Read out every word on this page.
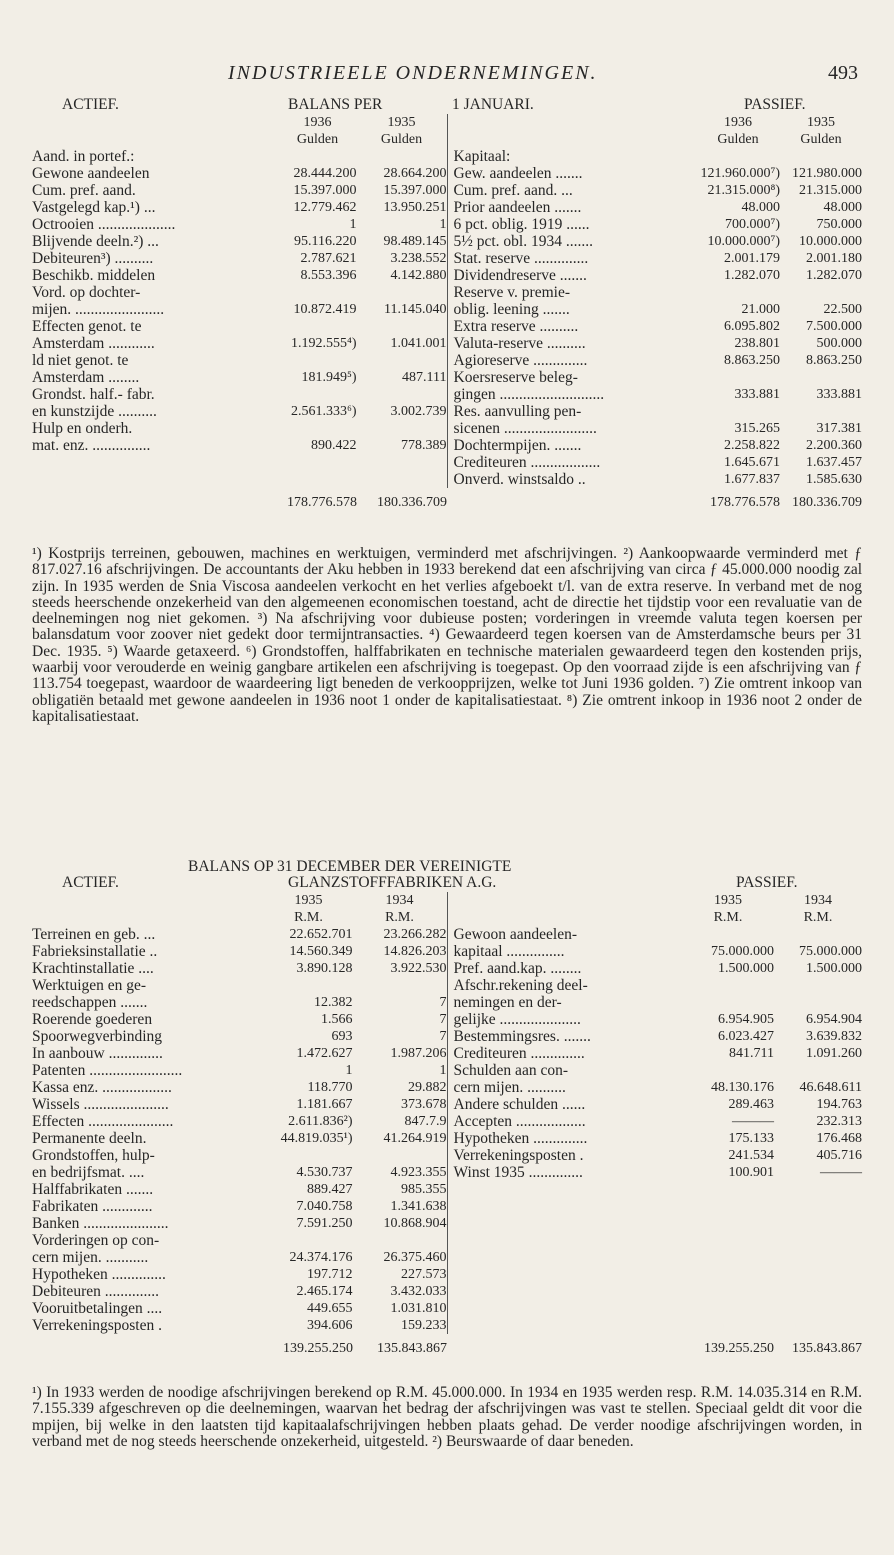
INDUSTRIEELE ONDERNEMINGEN.	493
ACTIEF.	BALANS PER	1 JANUARI.	PASSIEF.
1936	1935
Gulden	Gulden
Aand. in portef.:
Gewone aandeelen	28.444.200	28.664.200
Cum. pref. aand.	15.397.000	15.397.000
Vastgelegd kap.¹) ...	12.779.462	13.950.251
Octrooien ....................	1	1
Blijvende deeln.²) ...	95.116.220	98.489.145
Debiteuren³) ..........	2.787.621	3.238.552
Beschikb. middelen	8.553.396	4.142.880
Vord. op dochter-
mijen. .......................	10.872.419	11.145.040
Effecten genot. te
Amsterdam ............	1.192.555⁴)	1.041.001
ld niet genot. te
Amsterdam ........	181.949⁵)	487.111
Grondst. half.- fabr.
en kunstzijde ..........	2.561.333⁶)	3.002.739
Hulp en onderh.
mat. enz. ...............	890.422	778.389
1936	1935
Gulden	Gulden
Kapitaal:
Gew. aandeelen .......	121.960.000⁷) 121.980.000
Cum. pref. aand. ...	21.315.000⁸)	21.315.000
Prior aandeelen .......	48.000	48.000
6 pct. oblig. 1919 ......	700.000⁷)	750.000
5½ pct. obl. 1934 .......	10.000.000⁷)	10.000.000
Stat. reserve ..............	2.001.179	2.001.180
Dividendreserve .......	1.282.070	1.282.070
Reserve v. premie-
oblig. leening .......	21.000	22.500
Extra reserve ..........	6.095.802	7.500.000
Valuta-reserve ..........	238.801	500.000
Agioreserve ..............	8.863.250	8.863.250
Koersreserve beleg-
gingen ...........................	333.881	333.881
Res. aanvulling pen-
sicenen ........................	315.265	317.381
Dochtermpijen. .......	2.258.822	2.200.360
Crediteuren ..................	1.645.671	1.637.457
Onverd. winstsaldo ..	1.677.837	1.585.630
178.776.578	180.336.709	178.776.578 180.336.709

¹) Kostprijs terreinen, gebouwen, machines en werktuigen, verminderd met afschrijvingen. ²) Aankoopwaarde verminderd met ƒ 817.027.16 afschrijvingen. De accountants der Aku hebben in 1933 berekend dat een afschrijving van circa ƒ 45.000.000 noodig zal zijn. In 1935 werden de Snia Viscosa aandeelen verkocht en het verlies afgeboekt t/l. van de extra reserve. In verband met de nog steeds heerschende onzekerheid van den algemeenen economischen toestand, acht de directie het tijdstip voor een revaluatie van de deelnemingen nog niet gekomen. ³) Na afschrijving voor dubieuse posten; vorderingen in vreemde valuta tegen koersen per balansdatum voor zoover niet gedekt door termijntransacties. ⁴) Gewaardeerd tegen koersen van de Amsterdamsche beurs per 31 Dec. 1935. ⁵) Waarde getaxeerd. ⁶) Grondstoffen, halffabrikaten en technische materialen gewaardeerd tegen den kostenden prijs, waarbij voor verouderde en weinig gangbare artikelen een afschrijving is toegepast. Op den voorraad zijde is een afschrijving van ƒ 113.754 toegepast, waardoor de waardeering ligt beneden de verkoopprijzen, welke tot Juni 1936 golden. ⁷) Zie omtrent inkoop van obligatiën betaald met gewone aandeelen in 1936 noot 1 onder de kapitalisatiestaat. ⁸) Zie omtrent inkoop in 1936 noot 2 onder de kapitalisatiestaat.

BALANS OP 31 DECEMBER DER VEREINIGTE
GLANZSTOFFFABRIKEN A.G.
ACTIEF.	PASSIEF.
1935	1934
R.M.	R.M.
Terreinen en geb. ...	22.652.701	23.266.282
Fabrieksinstallatie ..	14.560.349	14.826.203
Krachtinstallatie ....	3.890.128	3.922.530
Werktuigen en ge-
reedschappen .......	12.382	7
Roerende goederen	1.566	7
Spoorwegverbinding	693	7
In aanbouw ..............	1.472.627	1.987.206
Patenten ........................	1	1
Kassa enz. ..................	118.770	29.882
Wissels ......................	1.181.667	373.678
Effecten ......................	2.611.836²)	847.7.9
Permanente deeln.	44.819.035¹)	41.264.919
Grondstoffen, hulp-
en bedrijfsmat. ....	4.530.737	4.923.355
Halffabrikaten .......	889.427	985.355
Fabrikaten .............	7.040.758	1.341.638
Banken ......................	7.591.250	10.868.904
Vorderingen op con-
cern mijen. ...........	24.374.176	26.375.460
Hypotheken ..............	197.712	227.573
Debiteuren ..............	2.465.174	3.432.033
Vooruitbetalingen ....	449.655	1.031.810
Verrekeningsposten .	394.606	159.233
1935	1934
R.M.	R.M.
Gewoon aandeelen-
kapitaal ...............	75.000.000	75.000.000
Pref. aand.kap. ........	1.500.000	1.500.000
Afschr.rekening deel-
nemingen en der-
gelijke .....................	6.954.905	6.954.904
Bestemmingsres. .......	6.023.427	3.639.832
Crediteuren ..............	841.711	1.091.260
Schulden aan con-
cern mijen. ..........	48.130.176	46.648.611
Andere schulden ......	289.463	194.763
Accepten ..................	———	232.313
Hypotheken ..............	175.133	176.468
Verrekeningsposten .	241.534	405.716
Winst 1935 ..............	100.901	———
139.255.250	135.843.867	139.255.250	135.843.867

¹) In 1933 werden de noodige afschrijvingen berekend op R.M. 45.000.000. In 1934 en 1935 werden resp. R.M. 14.035.314 en R.M. 7.155.339 afgeschreven op die deelnemingen, waarvan het bedrag der afschrijvingen was vast te stellen. Speciaal geldt dit voor die mpijen, bij welke in den laatsten tijd kapitaalafschrijvingen hebben plaats gehad. De verder noodige afschrijvingen worden, in verband met de nog steeds heerschende onzekerheid, uitgesteld. ²) Beurswaarde of daar beneden.
